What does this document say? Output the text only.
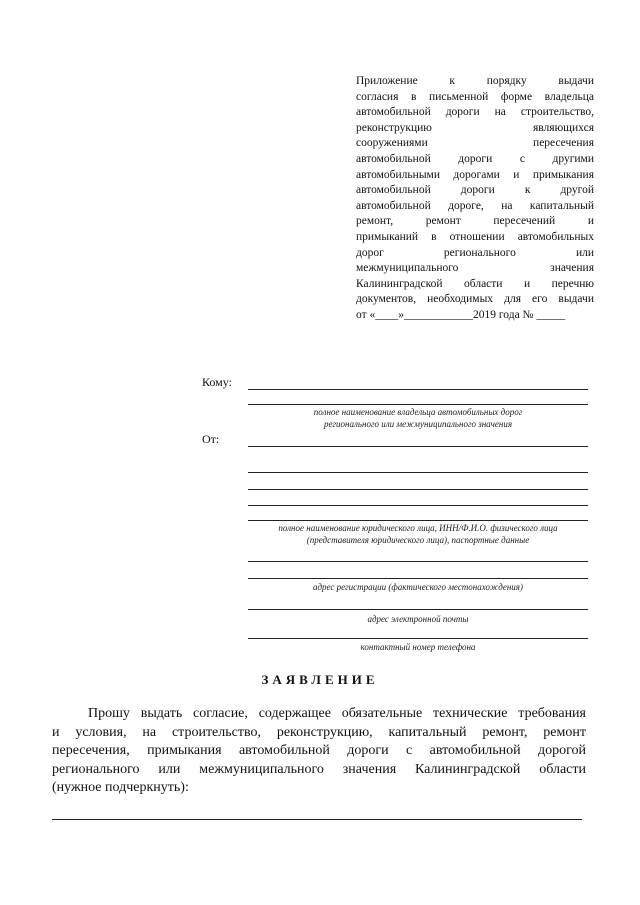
Приложение к порядку выдачи
согласия в письменной форме владельца
автомобильной дороги на строительство,
реконструкцию являющихся
сооружениями пересечения
автомобильной дороги с другими
автомобильными дорогами и примыкания
автомобильной дороги к другой
автомобильной дороге, на капитальный
ремонт, ремонт пересечений и
примыканий в отношении автомобильных
дорог регионального или
межмуниципального значения
Калининградской области и перечню
документов, необходимых для его выдачи
от «____»____________2019 года № _____
Кому:
полное наименование владельца автомобильных дорог
регионального или межмуниципального значения
От:
полное наименование юридического лица, ИНН/Ф.И.О. физического лица
(представителя юридического лица), паспортные данные
адрес регистрации (фактического местонахождения)
адрес электронной почты
контактный номер телефона
ЗАЯВЛЕНИЕ
Прошу выдать согласие, содержащее обязательные технические требования
и условия, на строительство, реконструкцию, капитальный ремонт, ремонт
пересечения, примыкания автомобильной дороги с автомобильной дорогой
регионального или межмуниципального значения Калининградской области
(нужное подчеркнуть):
